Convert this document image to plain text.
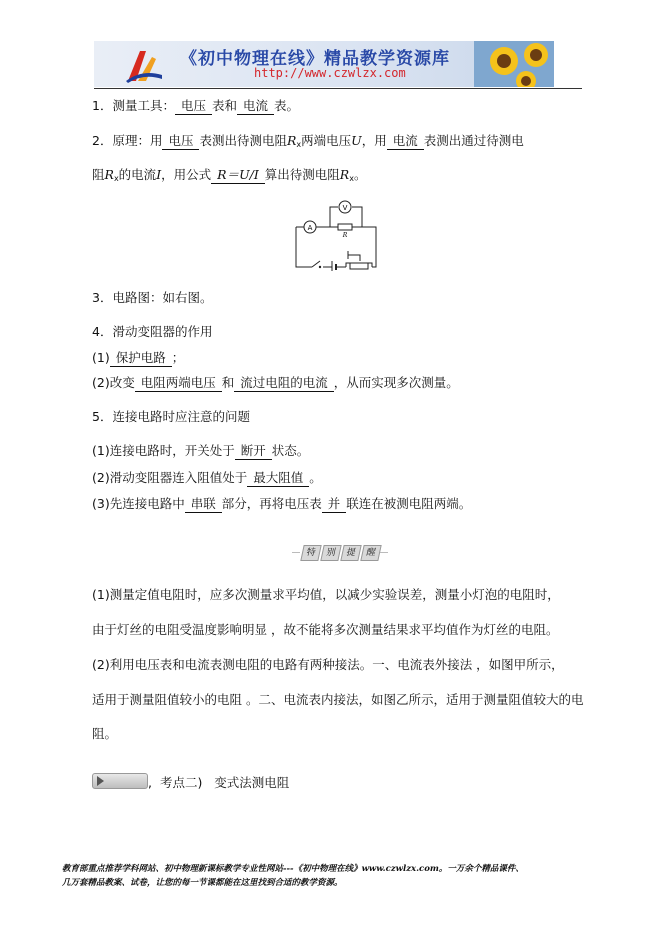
《初中物理在线》精品教学资源库
http://www.czwlzx.com
1．测量工具： 电压 表和 电流 表。
2．原理：用 电压 表测出待测电阻$R_x$两端电压U，用 电流 表测出通过待测电
阻$R_x$的电流I，用公式 R＝U/I 算出待测电阻$R_x$。
A
V
R
3．电路图：如右图。
4．滑动变阻器的作用
(1) 保护电路 ；
(2)改变 电阻两端电压 和 流过电阻的电流 ，从而实现多次测量。
5．连接电路时应注意的问题
(1)连接电路时，开关处于 断开 状态。
(2)滑动变阻器连入阻值处于 最大阻值 。
(3)先连接电路中 串联 部分，再将电压表 并 联连在被测电阻两端。
特 别 提 醒
(1)测量定值电阻时，应多次测量求平均值，以减少实验误差，测量小灯泡的电阻时，
由于灯丝的电阻受温度影响明显 ，故不能将多次测量结果求平均值作为灯丝的电阻。
(2)利用电压表和电流表测电阻的电路有两种接法。一、电流表外接法 ，如图甲所示，
适用于测量阻值较小的电阻 。二、电流表内接法，如图乙所示，适用于测量阻值较大的电
阻。
, 考点二) 变式法测电阻
教育部重点推荐学科网站、初中物理新课标教学专业性网站---《初中物理在线》www.czwlzx.com。一万余个精品课件、
几万套精品教案、试卷，让您的每一节课都能在这里找到合适的教学资源。
